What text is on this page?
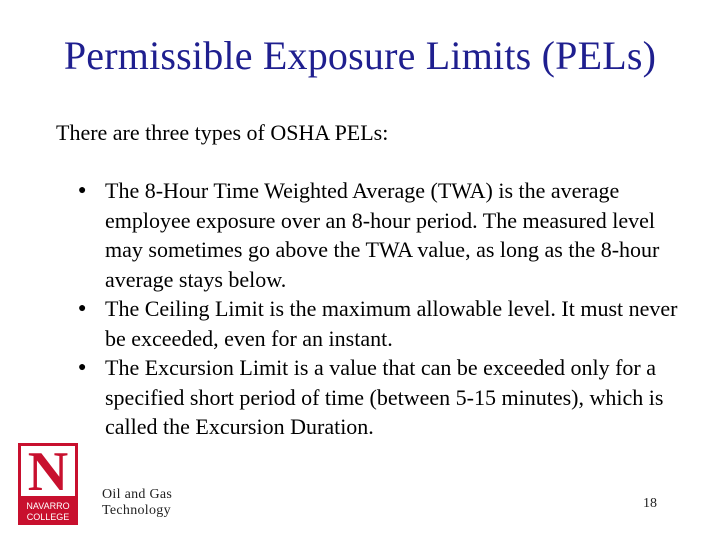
Permissible Exposure Limits (PELs)

There are three types of OSHA PELs:

● The 8-Hour Time Weighted Average (TWA) is the average employee exposure over an 8-hour period. The measured level may sometimes go above the TWA value, as long as the 8-hour average stays below.
● The Ceiling Limit is the maximum allowable level. It must never be exceeded, even for an instant.
● The Excursion Limit is a value that can be exceeded only for a specified short period of time (between 5-15 minutes), which is called the Excursion Duration.
N
NAVARRO
COLLEGE
Oil and Gas
Technology	18
